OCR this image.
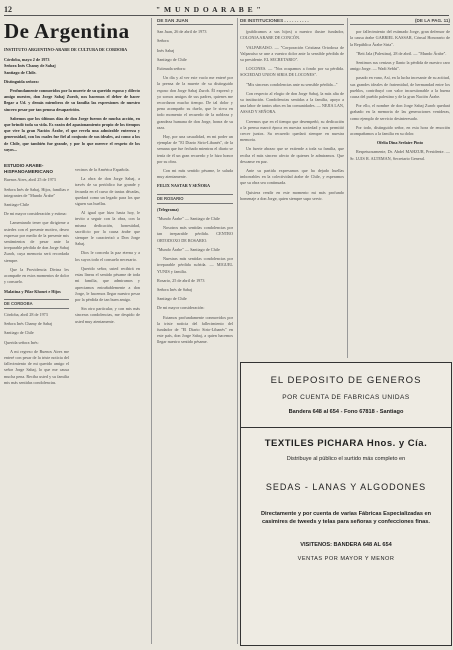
12	" M U N D O A R A B E "
De Argentina
INSTITUTO ARGENTINO-ARABE DE CULTURA DE CORDOBA
Córdoba, mayo 2 de 1973
Señora Inés Chamy de Sabaj
Santiago de Chile.
Distinguida señora:

Profundamente conmovidos por la muerte de su querido esposo y dilecto amigo nuestro, don Jorge Sabaj Zurob, nos hacemos el deber de hacer llegar a Ud. y demás miembros de su familia las expresiones de nuestro sincero pesar por tan penosa desaparición.

Sabemos que los últimos días de don Jorge fueron de mucha acción, en que brindó toda su vida. Es razón del apasionamiento propio de los tiempos que vive la gran Nación Árabe, el que revela una admirable entereza y generosidad, con los cuales fue fiel al conjunto de sus ideales, así como a los de Chile, que también fue grande, y por lo que merece el respeto de los suyos...

ESTUDIO ARABE-HISPANOAMERICANO

Buenos Aires, abril 25 de 1973

Señora Inés de Sabaj, Hijos, familias e integrantes de "Mundo Árabe"

Santiago-Chile

De mi mayor consideración y estima:

Lamentando tener que dirigirme a ustedes con el presente motivo, deseo expresar por medio de la presente mis sentimientos de pesar ante la irreparable pérdida de don Jorge Sabaj Zurob, cuya memoria será recordada siempre.

Que la Providencia Divina les acompañe en estos momentos de dolor y consuelo.

Malatina y Pilar Khouri e Hijos

DE CORDOBA

Córdoba, abril 28 de 1973

Señora Inés Chamy de Sabaj

Santiago de Chile

Querida señora Inés:

A mi regreso de Buenos Aires me enteré con pesar de la triste noticia del fallecimiento de mi querido amigo el señor Jorge Sabaj, lo que me causa mucha pena. Reciba usted y su familia mis más sentidas condolencias.

vecinos de la América Española.

La obra de don Jorge Sabaj, a través de su periódico fue grande y fecunda en el curso de tantas décadas, quedará como un legado para los que siguen sus huellas.

Al igual que hizo hasta hoy, le invito a seguir con la obra, con la misma dedicación, honestidad, sacrificio por la causa árabe que siempre le caracterizó a Don Jorge Sabaj.

Dios le conceda la paz eterna y a los suyos todo el consuelo necesario.

Querido señor, usted recibirá en estas líneas el sentido pésame de toda mi familia, que admiramos y apreciamos entrañablemente a don Jorge, le hacemos llegar nuestro pesar por la pérdida de tan buen amigo.

Sin otro particular, y con mis más sinceras condolencias, me despido de usted muy atentamente.

DE SAN JUAN

San Juan, 26 de abril de 1973

Señora

Inés Sabaj

Santiago de Chile

Estimada señora:

Un día y al ver este vacío me enteré por la prensa de la muerte de su distinguido esposo don Jorge Sabaj Zurob. Él expresó y yo somos amigos de sus padres, quienes me recordaron mucho tiempo. De tal dolor y pena acompaño su duelo, que le sirva en todo momento el recuerdo de la nobleza y grandeza humana de don Jorge, honra de su raza.

Hay, por una casualidad, en mi poder un ejemplar de "El Diario Sirio-Libanés", de la semana que fue fechado mientras el diario se tenía de él un gran recuerdo y le hizo honor por su obra.

Con mi más sentido pésame, le saluda muy atentamente.

FELIX NASTAR Y SEÑORA

DE ROSARIO

(Telegrama)

"Mundo Árabe" — Santiago de Chile

Nosotros más sentidas condolencias por tan irreparable pérdida. CENTRO ORTODOXO DE ROSARIO.

"Mundo Árabe" — Santiago de Chile

Nuestras más sentidas condolencias por irreparable pérdida sufrida. — MIGUEL YUNIS y familia.

Rosario, 25 de abril de 1973

Señora Inés de Sabaj

Santiago de Chile

De mi mayor consideración:

Estamos profundamente conmovidos por la triste noticia del fallecimiento del fundador de "El Diario Sirio-Libanés" en este país, don Jorge Sabaj, a quien hacemos llegar nuestro sentido pésame.

DE INSTITUCIONES . . . . . . . . . .

(publicamos a sus hijos) a nuestro ilustre fundador, COLONIA ARABE DE CONCÓN.

VALPARAISO. — "Corporación Cristiana Ortodoxa de Valparaíso se une a vuestro dolor ante la sensible pérdida de su presidente. EL SECRETARIO".

LOCONES. — "Nos ocupamos a fondo por su pérdida. SOCIEDAD UNION SIRIA DE LOCONES".

"Mis sinceras condolencias ante su sensible pérdida..."

Con respecto al elogio de don Jorge Sabaj, la más alta de su institución. Condolencias sentidas a la familia, apoyo a una labor de tantos años en las comunidades. — NEJIA LAN, ASSAD Y SEÑORA.

Creemos que en el tiempo que desempeñó, su dedicación a la prensa marcó época en nuestra sociedad y nos permitió crecer juntos. Su recuerdo quedará siempre en nuestra memoria.

Un fuerte abrazo que se extiende a toda su familia, que reciba el más sincero afecto de quienes le admiramos. Que descanse en paz.

Ante su partida expresamos que ha dejado huellas imborrables en la colectividad árabe de Chile, y esperamos que su obra sea continuada.

Quisiera rendir en este momento mi más profundo homenaje a don Jorge, quien siempre supo servir.

(DE LA PAG. 11)

por fallecimiento del estimado Jorge, gran defensor de la causa árabe GABRIEL KASSAR, Cónsul Honorario de la República Árabe Siria".

"Beit Jala (Palestina), 28 de abril. — "Mundo Árabe".

Sentimos sus cenizas y llanto la pérdida de nuestro caro amigo Jorge. — Wadi Sebhi".

pasado en vano, Así, en la lucha incesante de su actitud, sus grandes ideales de fraternidad, de hermandad entre los pueblos, contribuyó con valor incuestionable a la buena causa del pueblo palestino y de la gran Nación Árabe.

Por ello, el nombre de don Jorge Sabaj Zurob quedará grabado en la memoria de las generaciones venideras, como ejemplo de servicio desinteresado.

Por todo, distinguido señor, en esta hora de emoción acompañamos a la familia en su dolor.

Ofelia Dina Srelaire Pinto

Respetuosamente, Dr. Abdel MAHZUR, Presidente. — Sr. LUIS R. ALTEMAN, Secretario General.

EL DEPOSITO DE GENEROS
POR CUENTA DE FABRICAS UNIDAS
Bandera 648 al 654 - Fono 67818 - Santiago
TEXTILES PICHARA Hnos. y Cía.
Distribuye al público el surtido más completo en
SEDAS - LANAS Y ALGODONES
Directamente y por cuenta de varias Fábricas Especializadas en casimires de tweeds y telas para señoras y confecciones finas.
VISITENOS: BANDERA 648 AL 654
VENTAS POR MAYOR Y MENOR
